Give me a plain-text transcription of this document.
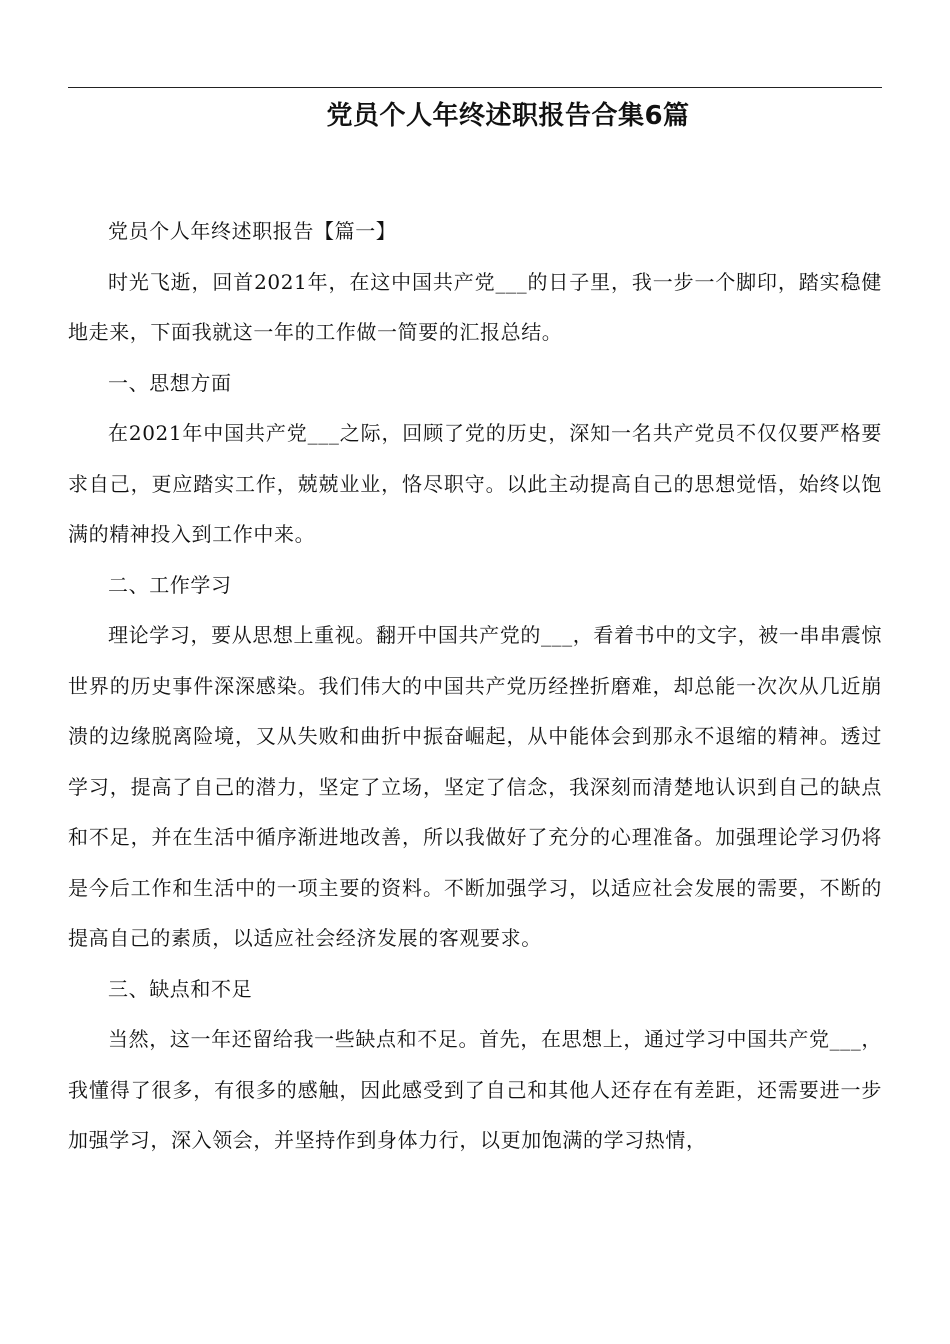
党员个人年终述职报告合集6篇

党员个人年终述职报告【篇一】

时光飞逝，回首2021年，在这中国共产党___的日子里，我一步一个脚印，踏实稳健地走来，下面我就这一年的工作做一简要的汇报总结。

一、思想方面

在2021年中国共产党___之际，回顾了党的历史，深知一名共产党员不仅仅要严格要求自己，更应踏实工作，兢兢业业，恪尽职守。以此主动提高自己的思想觉悟，始终以饱满的精神投入到工作中来。

二、工作学习

理论学习，要从思想上重视。翻开中国共产党的___，看着书中的文字，被一串串震惊世界的历史事件深深感染。我们伟大的中国共产党历经挫折磨难，却总能一次次从几近崩溃的边缘脱离险境，又从失败和曲折中振奋崛起，从中能体会到那永不退缩的精神。透过学习，提高了自己的潜力，坚定了立场，坚定了信念，我深刻而清楚地认识到自己的缺点和不足，并在生活中循序渐进地改善，所以我做好了充分的心理准备。加强理论学习仍将是今后工作和生活中的一项主要的资料。不断加强学习，以适应社会发展的需要，不断的提高自己的素质，以适应社会经济发展的客观要求。

三、缺点和不足

当然，这一年还留给我一些缺点和不足。首先，在思想上，通过学习中国共产党___，我懂得了很多，有很多的感触，因此感受到了自己和其他人还存在有差距，还需要进一步加强学习，深入领会，并坚持作到身体力行，以更加饱满的学习热情，
